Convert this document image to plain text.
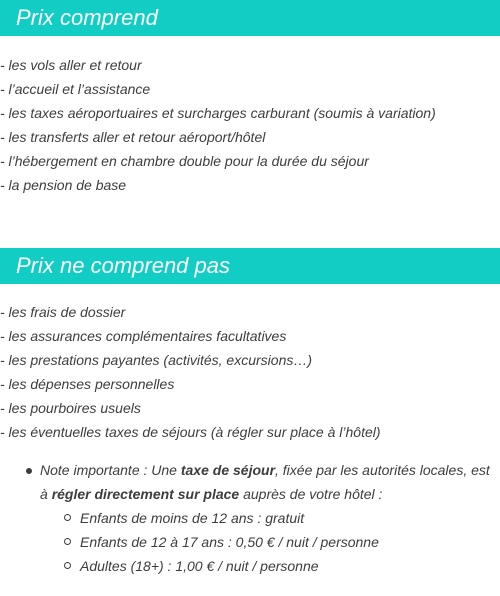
Prix comprend
- les vols aller et retour
- l’accueil et l’assistance
- les taxes aéroportuaires et surcharges carburant (soumis à variation)
- les transferts aller et retour aéroport/hôtel
- l’hébergement en chambre double pour la durée du séjour
- la pension de base
Prix ne comprend pas
- les frais de dossier
- les assurances complémentaires facultatives
- les prestations payantes (activités, excursions…)
- les dépenses personnelles
- les pourboires usuels
- les éventuelles taxes de séjours (à régler sur place à l’hôtel)
Note importante : Une taxe de séjour, fixée par les autorités locales, est à régler directement sur place auprès de votre hôtel :
Enfants de moins de 12 ans : gratuit
Enfants de 12 à 17 ans : 0,50 € / nuit / personne
Adultes (18+) : 1,00 € / nuit / personne
